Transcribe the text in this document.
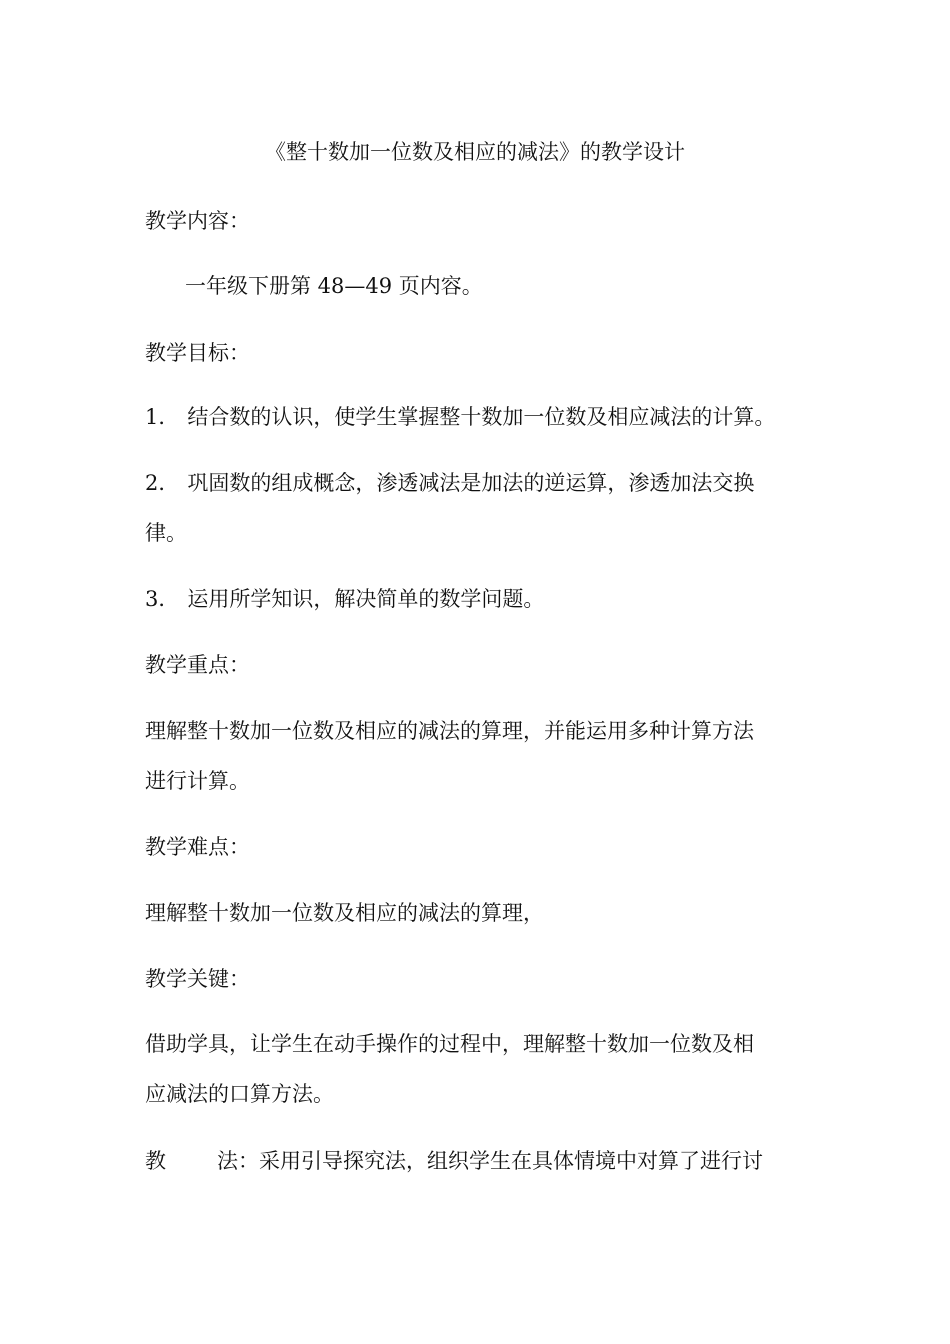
《整十数加一位数及相应的减法》的教学设计
教学内容：
一年级下册第 48—49 页内容。
教学目标：
1． 结合数的认识，使学生掌握整十数加一位数及相应减法的计算。
2． 巩固数的组成概念，渗透减法是加法的逆运算，渗透加法交换
律。
3． 运用所学知识，解决简单的数学问题。
教学重点：
理解整十数加一位数及相应的减法的算理，并能运用多种计算方法
进行计算。
教学难点：
理解整十数加一位数及相应的减法的算理，
教学关键：
借助学具，让学生在动手操作的过程中，理解整十数加一位数及相
应减法的口算方法。
教 法：采用引导探究法，组织学生在具体情境中对算了进行讨
